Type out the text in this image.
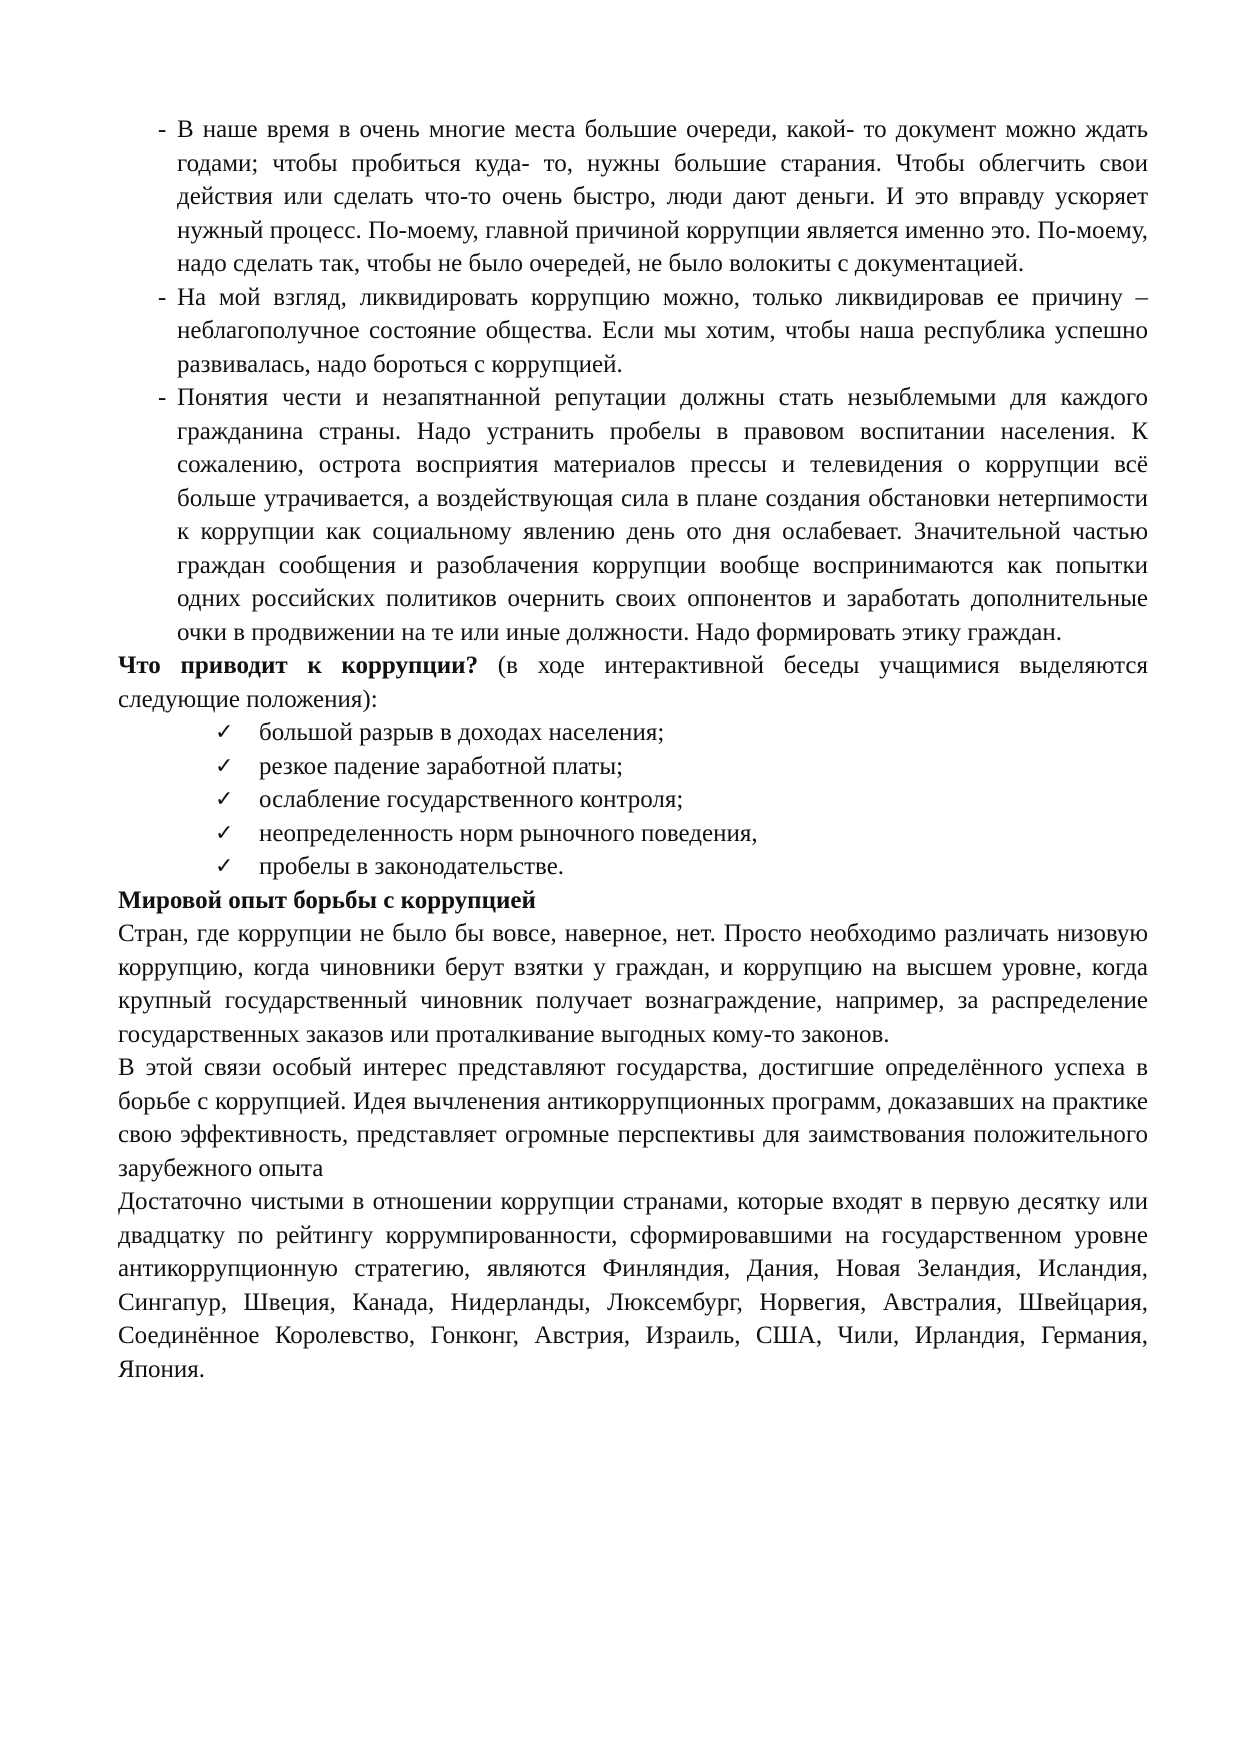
- В наше время в очень многие места большие очереди, какой- то документ можно ждать годами; чтобы пробиться куда- то, нужны большие старания. Чтобы облегчить свои действия или сделать что-то очень быстро, люди дают деньги. И это вправду ускоряет нужный процесс. По-моему, главной причиной коррупции является именно это. По-моему, надо сделать так, чтобы не было очередей, не было волокиты с документацией.
- На мой взгляд, ликвидировать коррупцию можно, только ликвидировав ее причину – неблагополучное состояние общества. Если мы хотим, чтобы наша республика успешно развивалась, надо бороться с коррупцией.
- Понятия чести и незапятнанной репутации должны стать незыблемыми для каждого гражданина страны. Надо устранить пробелы в правовом воспитании населения. К сожалению, острота восприятия материалов прессы и телевидения о коррупции всё больше утрачивается, а воздействующая сила в плане создания обстановки нетерпимости к коррупции как социальному явлению день ото дня ослабевает. Значительной частью граждан сообщения и разоблачения коррупции вообще воспринимаются как попытки одних российских политиков очернить своих оппонентов и заработать дополнительные очки в продвижении на те или иные должности. Надо формировать этику граждан.

Что приводит к коррупции? (в ходе интерактивной беседы учащимися выделяются следующие положения):

✓ большой разрыв в доходах населения;
✓ резкое падение заработной платы;
✓ ослабление государственного контроля;
✓ неопределенность норм рыночного поведения,
✓ пробелы в законодательстве.

Мировой опыт борьбы с коррупцией

Стран, где коррупции не было бы вовсе, наверное, нет. Просто необходимо различать низовую коррупцию, когда чиновники берут взятки у граждан, и коррупцию на высшем уровне, когда крупный государственный чиновник получает вознаграждение, например, за распределение государственных заказов или проталкивание выгодных кому-то законов.

В этой связи особый интерес представляют государства, достигшие определённого успеха в борьбе с коррупцией. Идея вычленения антикоррупционных программ, доказавших на практике свою эффективность, представляет огромные перспективы для заимствования положительного зарубежного опыта

Достаточно чистыми в отношении коррупции странами, которые входят в первую десятку или двадцатку по рейтингу коррумпированности, сформировавшими на государственном уровне антикоррупционную стратегию, являются Финляндия, Дания, Новая Зеландия, Исландия, Сингапур, Швеция, Канада, Нидерланды, Люксембург, Норвегия, Австралия, Швейцария, Соединённое Королевство, Гонконг, Австрия, Израиль, США, Чили, Ирландия, Германия, Япония.
